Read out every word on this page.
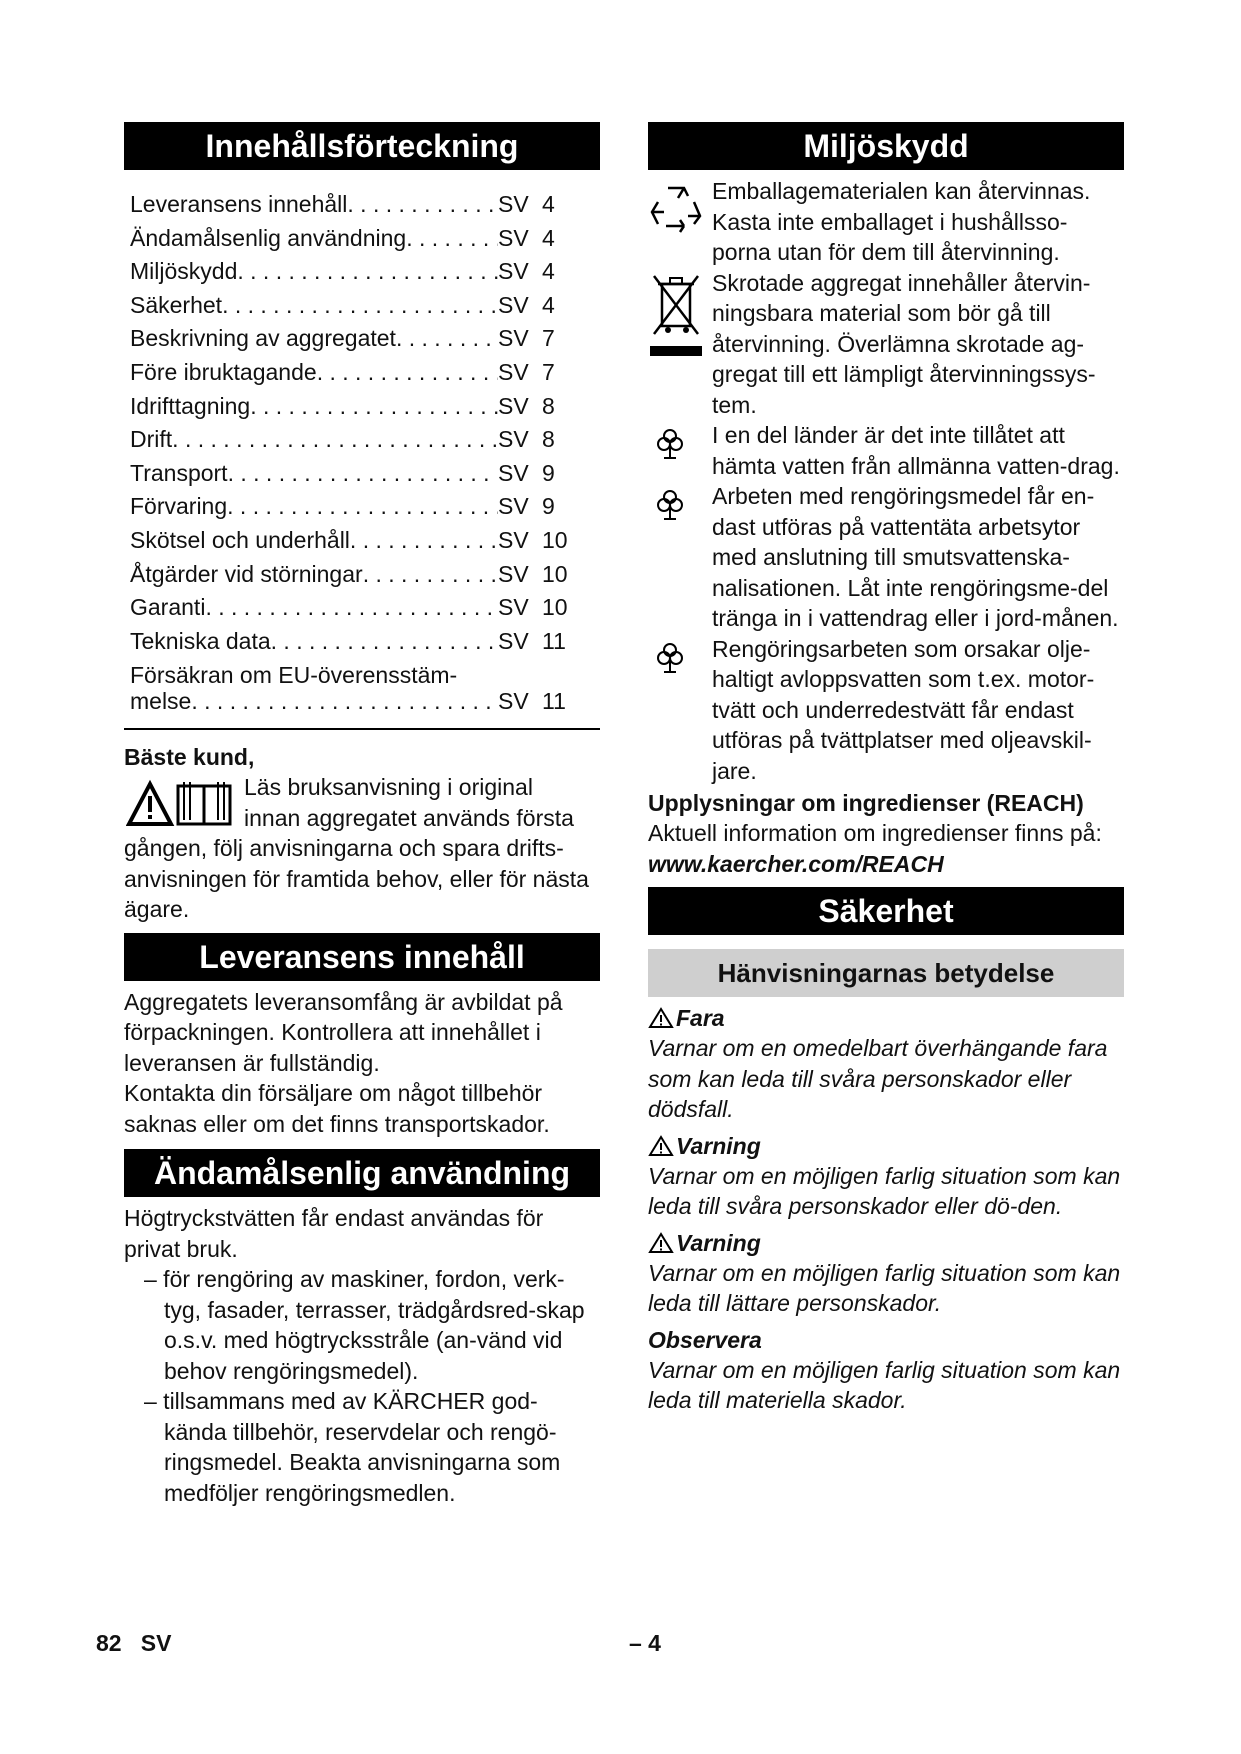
Innehållsförteckning
Leveransens innehåll . . .	SV 4
Ändamålsenlig användning . . .	SV 4
Miljöskydd . . .	SV 4
Säkerhet . . .	SV 4
Beskrivning av aggregatet . . .	SV 7
Före ibruktagande . . .	SV 7
Idrifttagning . . .	SV 8
Drift . . .	SV 8
Transport . . .	SV 9
Förvaring . . .	SV 9
Skötsel och underhåll . . .	SV 10
Åtgärder vid störningar . . .	SV 10
Garanti . . .	SV 10
Tekniska data . . .	SV 11
Försäkran om EU-överensstäm-
melse . . .	SV 11
Bäste kund,

Läs bruksanvisning i original

innan aggregatet används första

gången, följ anvisningarna och spara drifts-anvisningen för framtida behov, eller för nästa ägare.

Leveransens innehåll

Aggregatets leveransomfång är avbildat på förpackningen. Kontrollera att innehållet i leveransen är fullständig.

Kontakta din försäljare om något tillbehör saknas eller om det finns transportskador.

Ändamålsenlig användning

Högtryckstvätten får endast användas för privat bruk.

– för rengöring av maskiner, fordon, verk-tyg, fasader, terrasser, trädgårdsred-skap o.s.v. med högtrycksstråle (an-vänd vid behov rengöringsmedel).

– tillsammans med av KÄRCHER god-kända tillbehör, reservdelar och rengö-ringsmedel. Beakta anvisningarna som medföljer rengöringsmedlen.

Miljöskydd

Emballagematerialen kan återvinnas. Kasta inte emballaget i hushållsso-porna utan för dem till återvinning.

Skrotade aggregat innehåller återvin-ningsbara material som bör gå till återvinning. Överlämna skrotade ag-gregat till ett lämpligt återvinningssys-tem.

I en del länder är det inte tillåtet att hämta vatten från allmänna vatten-drag.

Arbeten med rengöringsmedel får en-dast utföras på vattentäta arbetsytor med anslutning till smutsvattenska-nalisationen. Låt inte rengöringsme-del tränga in i vattendrag eller i jord-månen.

Rengöringsarbeten som orsakar olje-haltigt avloppsvatten som t.ex. motor-tvätt och underredestvätt får endast utföras på tvättplatser med oljeavskil-jare.

Upplysningar om ingredienser (REACH)

Aktuell information om ingredienser finns på:

www.kaercher.com/REACH

Säkerhet
Hänvisningarnas betydelse
Fara

Varnar om en omedelbart överhängande fara som kan leda till svåra personskador eller dödsfall.

Varning

Varnar om en möjligen farlig situation som kan leda till svåra personskador eller dö-den.

Varning

Varnar om en möjligen farlig situation som kan leda till lättare personskador.

Observera

Varnar om en möjligen farlig situation som kan leda till materiella skador.

82   SV	– 4
